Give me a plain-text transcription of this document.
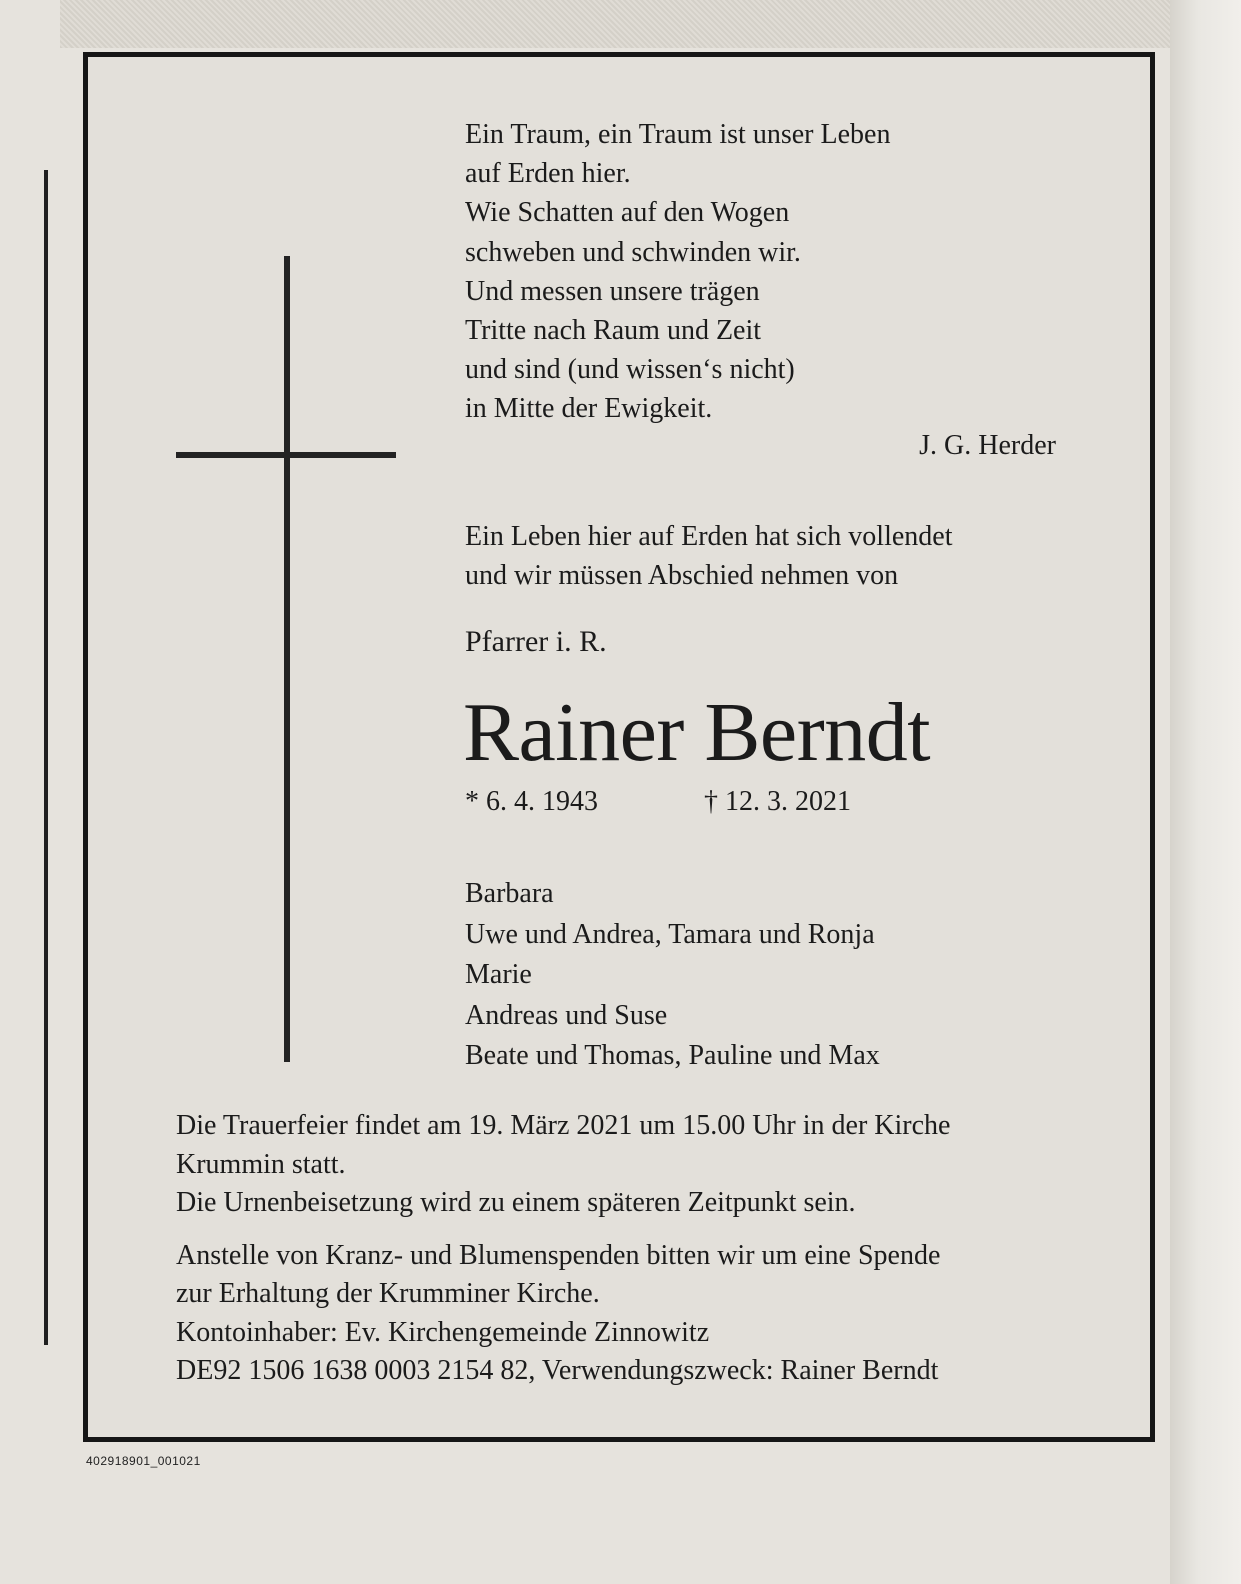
Ein Traum, ein Traum ist unser Leben
auf Erden hier.
Wie Schatten auf den Wogen
schweben und schwinden wir.
Und messen unsere trägen
Tritte nach Raum und Zeit
und sind (und wissen‘s nicht)
in Mitte der Ewigkeit.
J. G. Herder
Ein Leben hier auf Erden hat sich vollendet
und wir müssen Abschied nehmen von
Pfarrer i. R.
Rainer Berndt
* 6. 4. 1943	† 12. 3. 2021
Barbara
Uwe und Andrea, Tamara und Ronja
Marie
Andreas und Suse
Beate und Thomas, Pauline und Max
Die Trauerfeier findet am 19. März 2021 um 15.00 Uhr in der Kirche
Krummin statt.
Die Urnenbeisetzung wird zu einem späteren Zeitpunkt sein.
Anstelle von Kranz- und Blumenspenden bitten wir um eine Spende
zur Erhaltung der Krumminer Kirche.
Kontoinhaber: Ev. Kirchengemeinde Zinnowitz
DE92 1506 1638 0003 2154 82, Verwendungszweck: Rainer Berndt
402918901_001021
